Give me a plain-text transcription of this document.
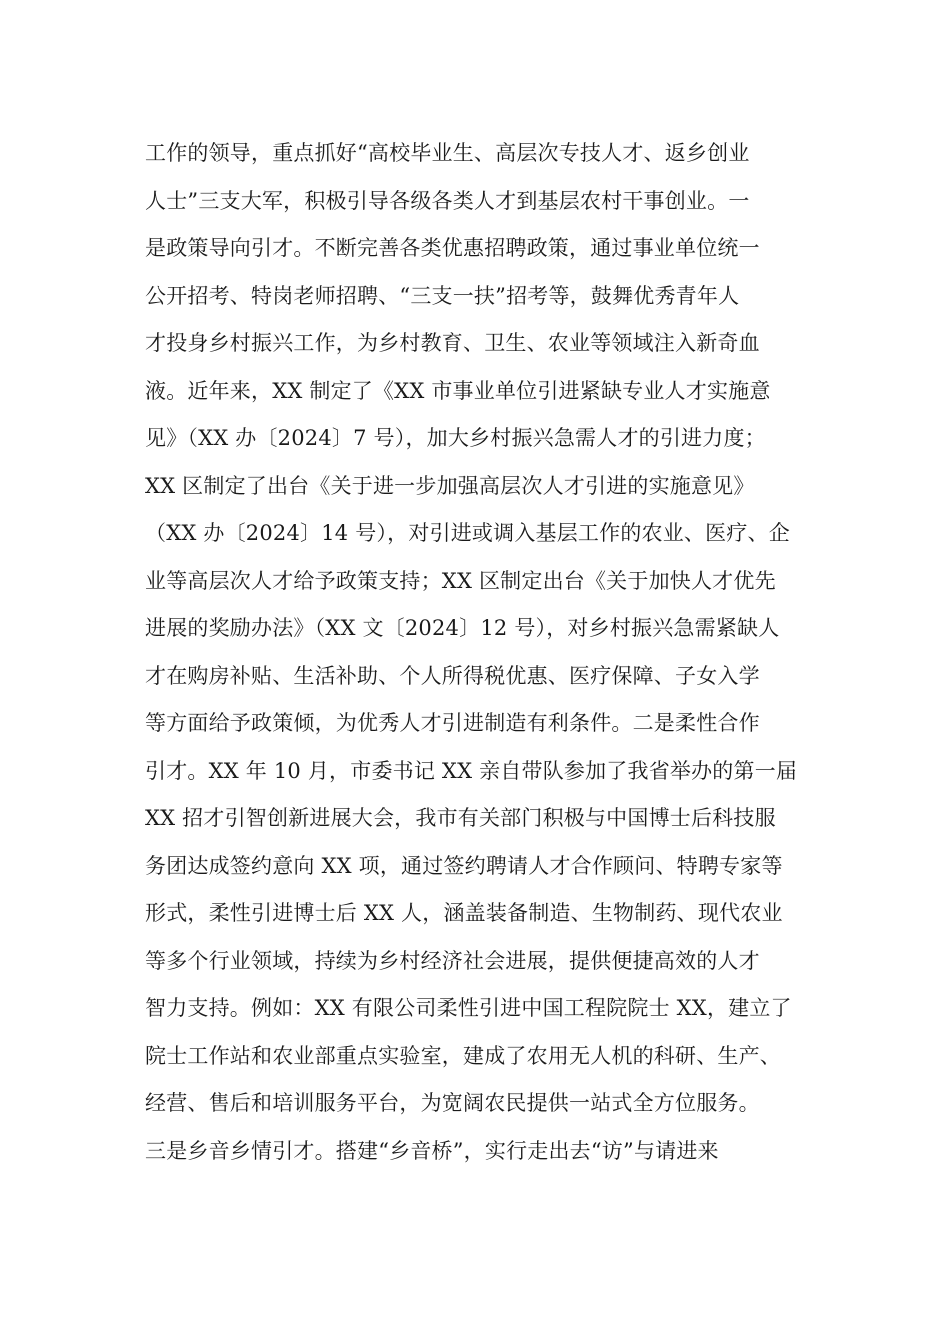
工作的领导，重点抓好“高校毕业生、高层次专技人才、返乡创业
人士”三支大军，积极引导各级各类人才到基层农村干事创业。一
是政策导向引才。不断完善各类优惠招聘政策，通过事业单位统一
公开招考、特岗老师招聘、“三支一扶”招考等，鼓舞优秀青年人
才投身乡村振兴工作，为乡村教育、卫生、农业等领域注入新奇血
液。近年来，XX 制定了《XX 市事业单位引进紧缺专业人才实施意
见》（XX 办〔2024〕7 号），加大乡村振兴急需人才的引进力度；
XX 区制定了出台《关于进一步加强高层次人才引进的实施意见》
（XX 办〔2024〕14 号），对引进或调入基层工作的农业、医疗、企
业等高层次人才给予政策支持；XX 区制定出台《关于加快人才优先
进展的奖励办法》（XX 文〔2024〕12 号），对乡村振兴急需紧缺人
才在购房补贴、生活补助、个人所得税优惠、医疗保障、子女入学
等方面给予政策倾，为优秀人才引进制造有利条件。二是柔性合作
引才。XX 年 10 月，市委书记 XX 亲自带队参加了我省举办的第一届
XX 招才引智创新进展大会，我市有关部门积极与中国博士后科技服
务团达成签约意向 XX 项，通过签约聘请人才合作顾问、特聘专家等
形式，柔性引进博士后 XX 人，涵盖装备制造、生物制药、现代农业
等多个行业领域，持续为乡村经济社会进展，提供便捷高效的人才
智力支持。例如：XX 有限公司柔性引进中国工程院院士 XX，建立了
院士工作站和农业部重点实验室，建成了农用无人机的科研、生产、
经营、售后和培训服务平台，为宽阔农民提供一站式全方位服务。
三是乡音乡情引才。搭建“乡音桥”，实行走出去“访”与请进来
